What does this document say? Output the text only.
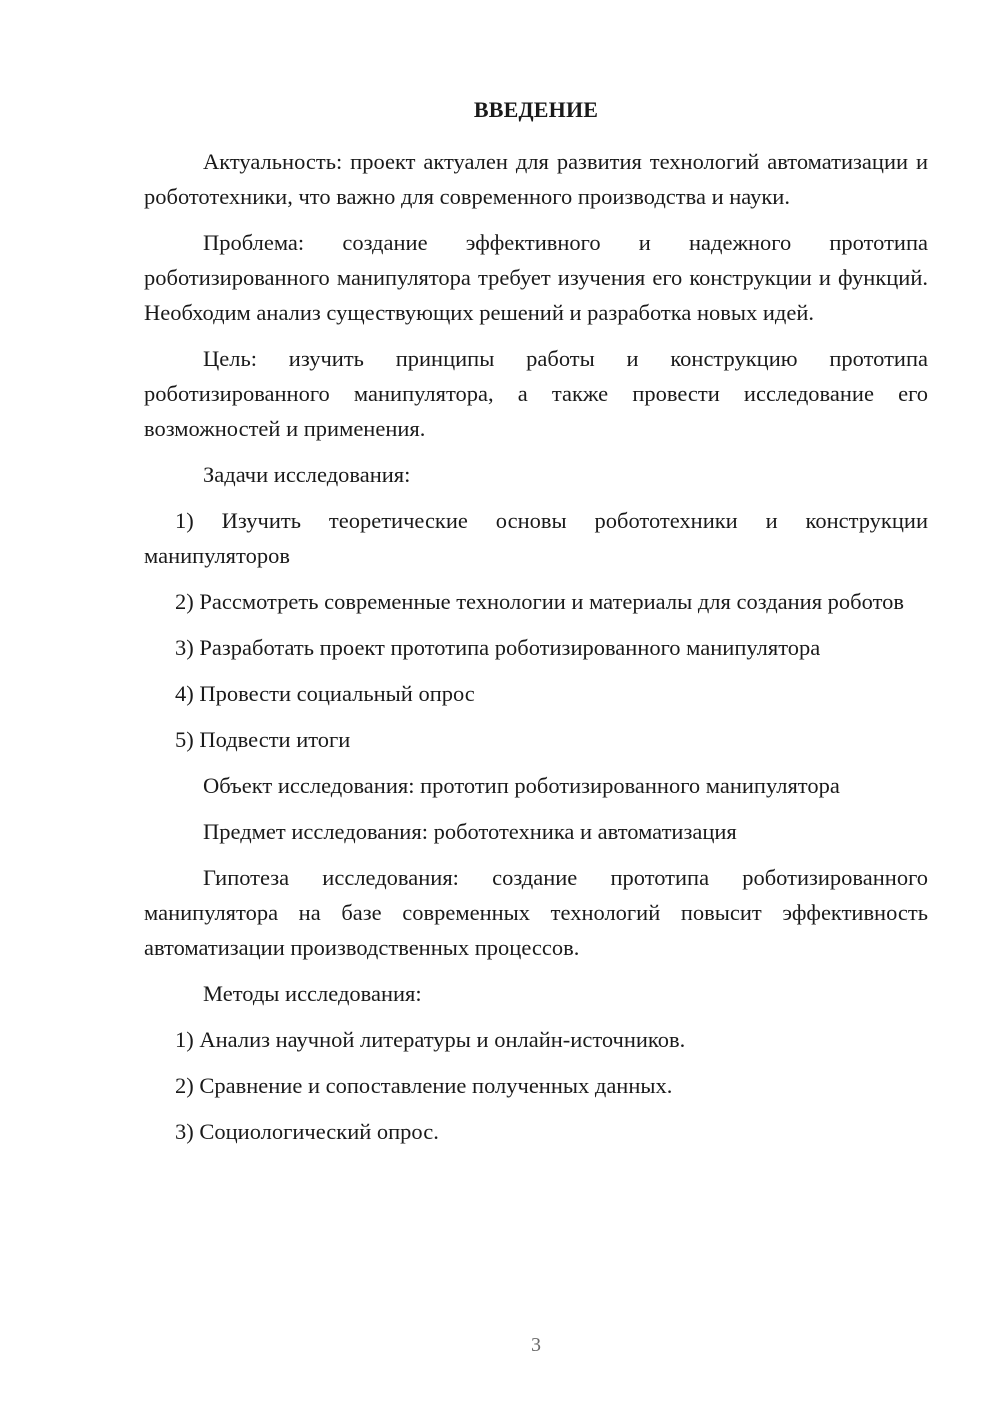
ВВЕДЕНИЕ

Актуальность: проект актуален для развития технологий автоматизации и робототехники, что важно для современного производства и науки.

Проблема: создание эффективного и надежного прототипа роботизированного манипулятора требует изучения его конструкции и функций. Необходим анализ существующих решений и разработка новых идей.

Цель: изучить принципы работы и конструкцию прототипа роботизированного манипулятора, а также провести исследование его возможностей и применения.

Задачи исследования:

1) Изучить теоретические основы робототехники и конструкции манипуляторов

2) Рассмотреть современные технологии и материалы для создания роботов

3) Разработать проект прототипа роботизированного манипулятора

4) Провести социальный опрос

5) Подвести итоги

Объект исследования: прототип роботизированного манипулятора

Предмет исследования: робототехника и автоматизация

Гипотеза исследования: создание прототипа роботизированного манипулятора на базе современных технологий повысит эффективность автоматизации производственных процессов.

Методы исследования:

1) Анализ научной литературы и онлайн-источников.

2) Сравнение и сопоставление полученных данных.

3) Социологический опрос.

3
